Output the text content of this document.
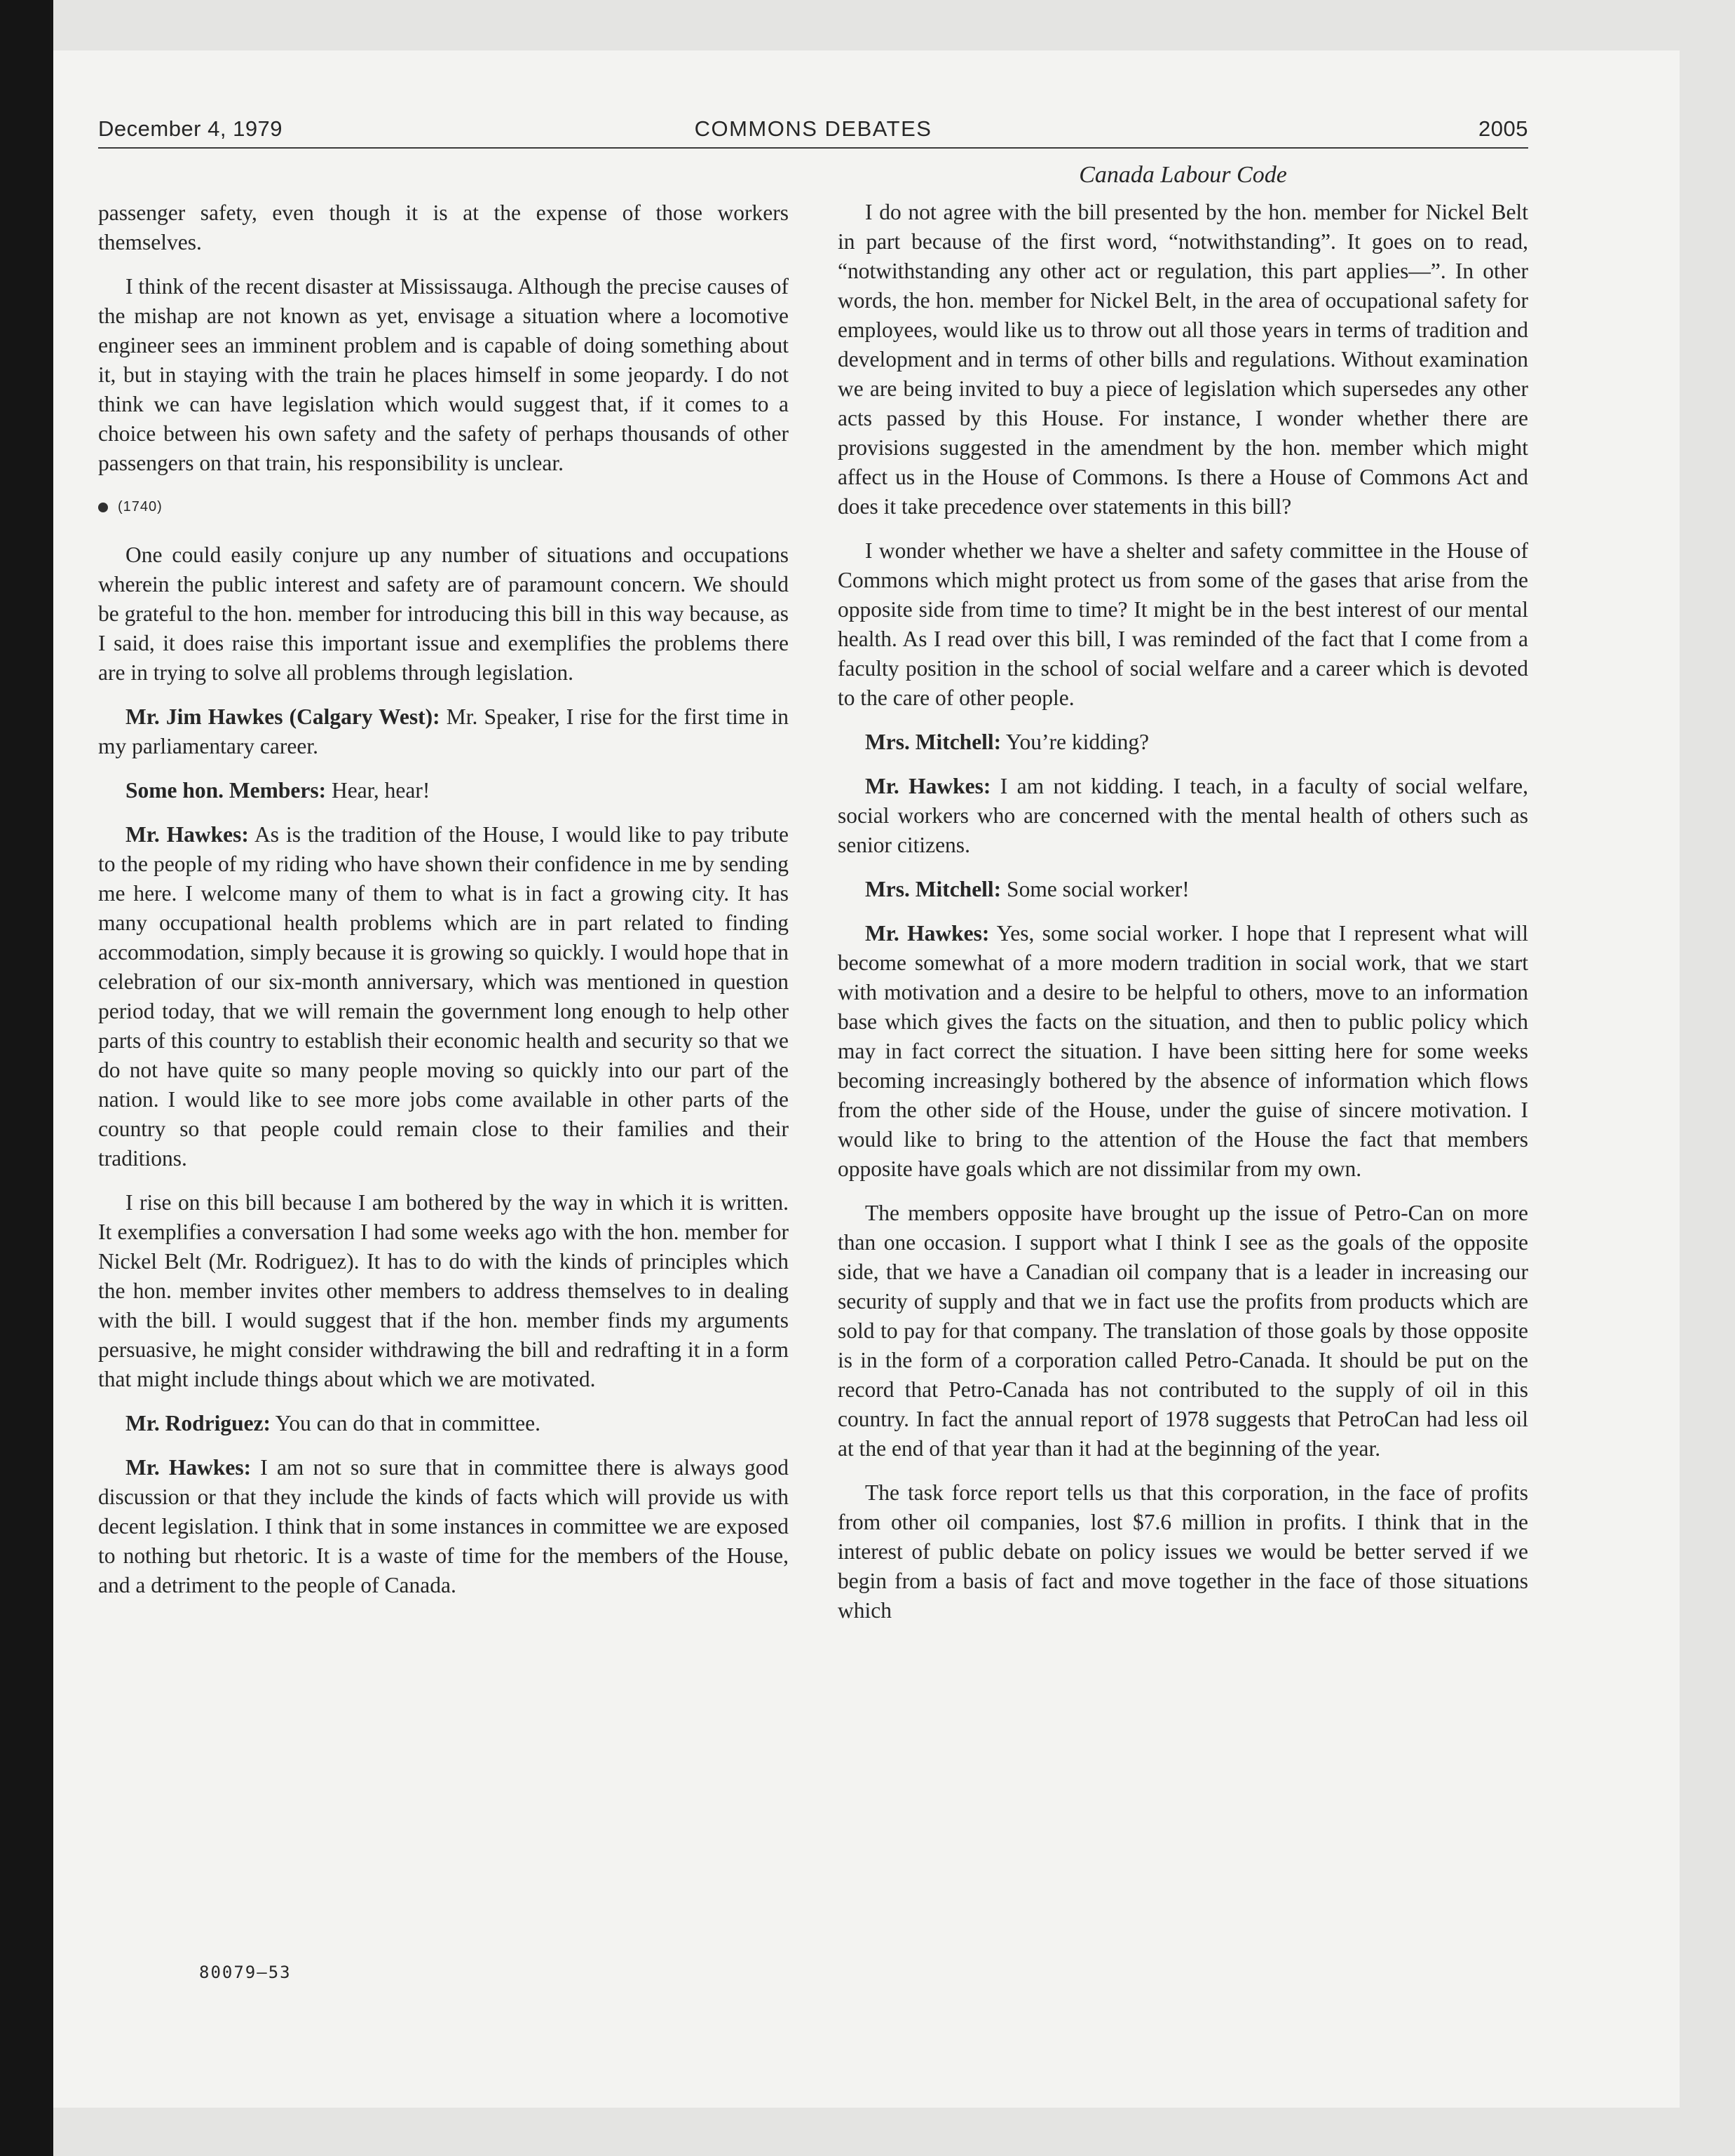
December 4, 1979	COMMONS DEBATES	2005

passenger safety, even though it is at the expense of those workers themselves.

I think of the recent disaster at Mississauga. Although the precise causes of the mishap are not known as yet, envisage a situation where a locomotive engineer sees an imminent problem and is capable of doing something about it, but in staying with the train he places himself in some jeopardy. I do not think we can have legislation which would suggest that, if it comes to a choice between his own safety and the safety of perhaps thousands of other passengers on that train, his responsibility is unclear.

(1740)

One could easily conjure up any number of situations and occupations wherein the public interest and safety are of paramount concern. We should be grateful to the hon. member for introducing this bill in this way because, as I said, it does raise this important issue and exemplifies the problems there are in trying to solve all problems through legislation.

Mr. Jim Hawkes (Calgary West): Mr. Speaker, I rise for the first time in my parliamentary career.

Some hon. Members: Hear, hear!

Mr. Hawkes: As is the tradition of the House, I would like to pay tribute to the people of my riding who have shown their confidence in me by sending me here. I welcome many of them to what is in fact a growing city. It has many occupational health problems which are in part related to finding accommodation, simply because it is growing so quickly. I would hope that in celebration of our six-month anniversary, which was mentioned in question period today, that we will remain the government long enough to help other parts of this country to establish their economic health and security so that we do not have quite so many people moving so quickly into our part of the nation. I would like to see more jobs come available in other parts of the country so that people could remain close to their families and their traditions.

I rise on this bill because I am bothered by the way in which it is written. It exemplifies a conversation I had some weeks ago with the hon. member for Nickel Belt (Mr. Rodriguez). It has to do with the kinds of principles which the hon. member invites other members to address themselves to in dealing with the bill. I would suggest that if the hon. member finds my arguments persuasive, he might consider withdrawing the bill and redrafting it in a form that might include things about which we are motivated.

Mr. Rodriguez: You can do that in committee.

Mr. Hawkes: I am not so sure that in committee there is always good discussion or that they include the kinds of facts which will provide us with decent legislation. I think that in some instances in committee we are exposed to nothing but rhetoric. It is a waste of time for the members of the House, and a detriment to the people of Canada.

Canada Labour Code

I do not agree with the bill presented by the hon. member for Nickel Belt in part because of the first word, “notwithstanding”. It goes on to read, “notwithstanding any other act or regulation, this part applies—”. In other words, the hon. member for Nickel Belt, in the area of occupational safety for employees, would like us to throw out all those years in terms of tradition and development and in terms of other bills and regulations. Without examination we are being invited to buy a piece of legislation which supersedes any other acts passed by this House. For instance, I wonder whether there are provisions suggested in the amendment by the hon. member which might affect us in the House of Commons. Is there a House of Commons Act and does it take precedence over statements in this bill?

I wonder whether we have a shelter and safety committee in the House of Commons which might protect us from some of the gases that arise from the opposite side from time to time? It might be in the best interest of our mental health. As I read over this bill, I was reminded of the fact that I come from a faculty position in the school of social welfare and a career which is devoted to the care of other people.

Mrs. Mitchell: You’re kidding?

Mr. Hawkes: I am not kidding. I teach, in a faculty of social welfare, social workers who are concerned with the mental health of others such as senior citizens.

Mrs. Mitchell: Some social worker!

Mr. Hawkes: Yes, some social worker. I hope that I represent what will become somewhat of a more modern tradition in social work, that we start with motivation and a desire to be helpful to others, move to an information base which gives the facts on the situation, and then to public policy which may in fact correct the situation. I have been sitting here for some weeks becoming increasingly bothered by the absence of information which flows from the other side of the House, under the guise of sincere motivation. I would like to bring to the attention of the House the fact that members opposite have goals which are not dissimilar from my own.

The members opposite have brought up the issue of Petro-Can on more than one occasion. I support what I think I see as the goals of the opposite side, that we have a Canadian oil company that is a leader in increasing our security of supply and that we in fact use the profits from products which are sold to pay for that company. The translation of those goals by those opposite is in the form of a corporation called Petro-Canada. It should be put on the record that Petro-Canada has not contributed to the supply of oil in this country. In fact the annual report of 1978 suggests that PetroCan had less oil at the end of that year than it had at the beginning of the year.

The task force report tells us that this corporation, in the face of profits from other oil companies, lost $7.6 million in profits. I think that in the interest of public debate on policy issues we would be better served if we begin from a basis of fact and move together in the face of those situations which

80079—53
